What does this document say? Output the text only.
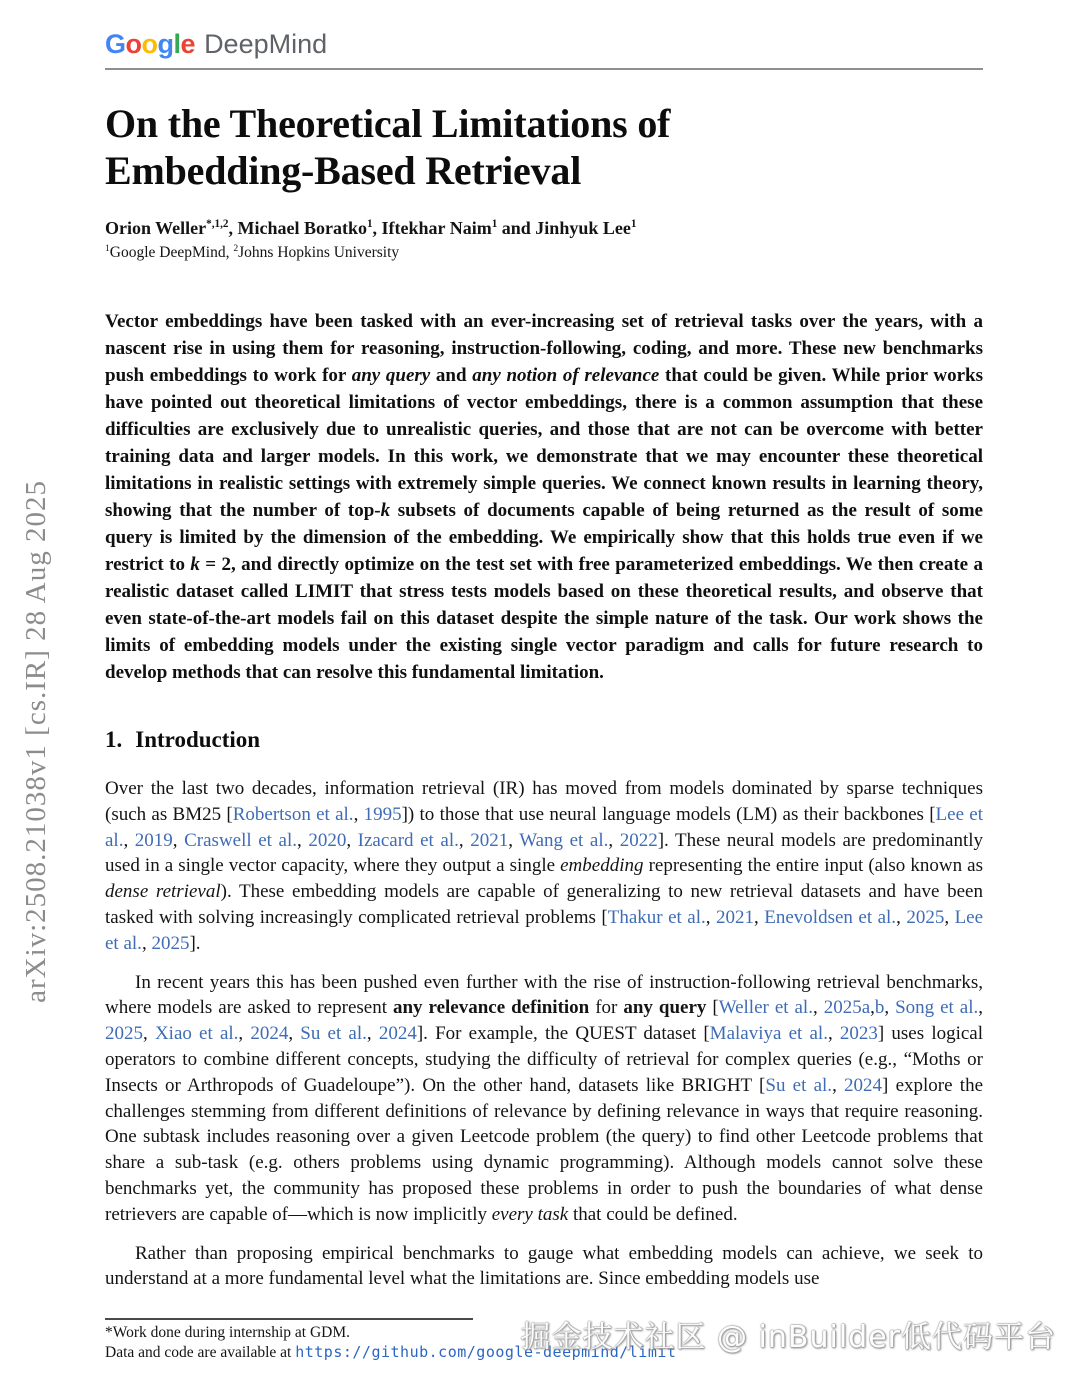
arXiv:2508.21038v1 [cs.IR] 28 Aug 2025
Google DeepMind
On the Theoretical Limitations of
Embedding-Based Retrieval
Orion Weller$^{*,1,2}$, Michael Boratko$^1$, Iftekhar Naim$^1$ and Jinhyuk Lee$^1$
$^1$Google DeepMind, $^2$Johns Hopkins University
Vector embeddings have been tasked with an ever-increasing set of retrieval tasks over the years, with a nascent rise in using them for reasoning, instruction-following, coding, and more. These new benchmarks push embeddings to work for any query and any notion of relevance that could be given. While prior works have pointed out theoretical limitations of vector embeddings, there is a common assumption that these difficulties are exclusively due to unrealistic queries, and those that are not can be overcome with better training data and larger models. In this work, we demonstrate that we may encounter these theoretical limitations in realistic settings with extremely simple queries. We connect known results in learning theory, showing that the number of top-k subsets of documents capable of being returned as the result of some query is limited by the dimension of the embedding. We empirically show that this holds true even if we restrict to k = 2, and directly optimize on the test set with free parameterized embeddings. We then create a realistic dataset called LIMIT that stress tests models based on these theoretical results, and observe that even state-of-the-art models fail on this dataset despite the simple nature of the task. Our work shows the limits of embedding models under the existing single vector paradigm and calls for future research to develop methods that can resolve this fundamental limitation.
1. Introduction

Over the last two decades, information retrieval (IR) has moved from models dominated by sparse techniques (such as BM25 [Robertson et al., 1995]) to those that use neural language models (LM) as their backbones [Lee et al., 2019, Craswell et al., 2020, Izacard et al., 2021, Wang et al., 2022]. These neural models are predominantly used in a single vector capacity, where they output a single embedding representing the entire input (also known as dense retrieval). These embedding models are capable of generalizing to new retrieval datasets and have been tasked with solving increasingly complicated retrieval problems [Thakur et al., 2021, Enevoldsen et al., 2025, Lee et al., 2025].

In recent years this has been pushed even further with the rise of instruction-following retrieval benchmarks, where models are asked to represent any relevance definition for any query [Weller et al., 2025a,b, Song et al., 2025, Xiao et al., 2024, Su et al., 2024]. For example, the QUEST dataset [Malaviya et al., 2023] uses logical operators to combine different concepts, studying the difficulty of retrieval for complex queries (e.g., “Moths or Insects or Arthropods of Guadeloupe”). On the other hand, datasets like BRIGHT [Su et al., 2024] explore the challenges stemming from different definitions of relevance by defining relevance in ways that require reasoning. One subtask includes reasoning over a given Leetcode problem (the query) to find other Leetcode problems that share a sub-task (e.g. others problems using dynamic programming). Although models cannot solve these benchmarks yet, the community has proposed these problems in order to push the boundaries of what dense retrievers are capable of—which is now implicitly every task that could be defined.

Rather than proposing empirical benchmarks to gauge what embedding models can achieve, we seek to understand at a more fundamental level what the limitations are. Since embedding models use

*Work done during internship at GDM.
Data and code are available at https://github.com/google-deepmind/limit
掘金技术社区 @ inBuilder低代码平台
